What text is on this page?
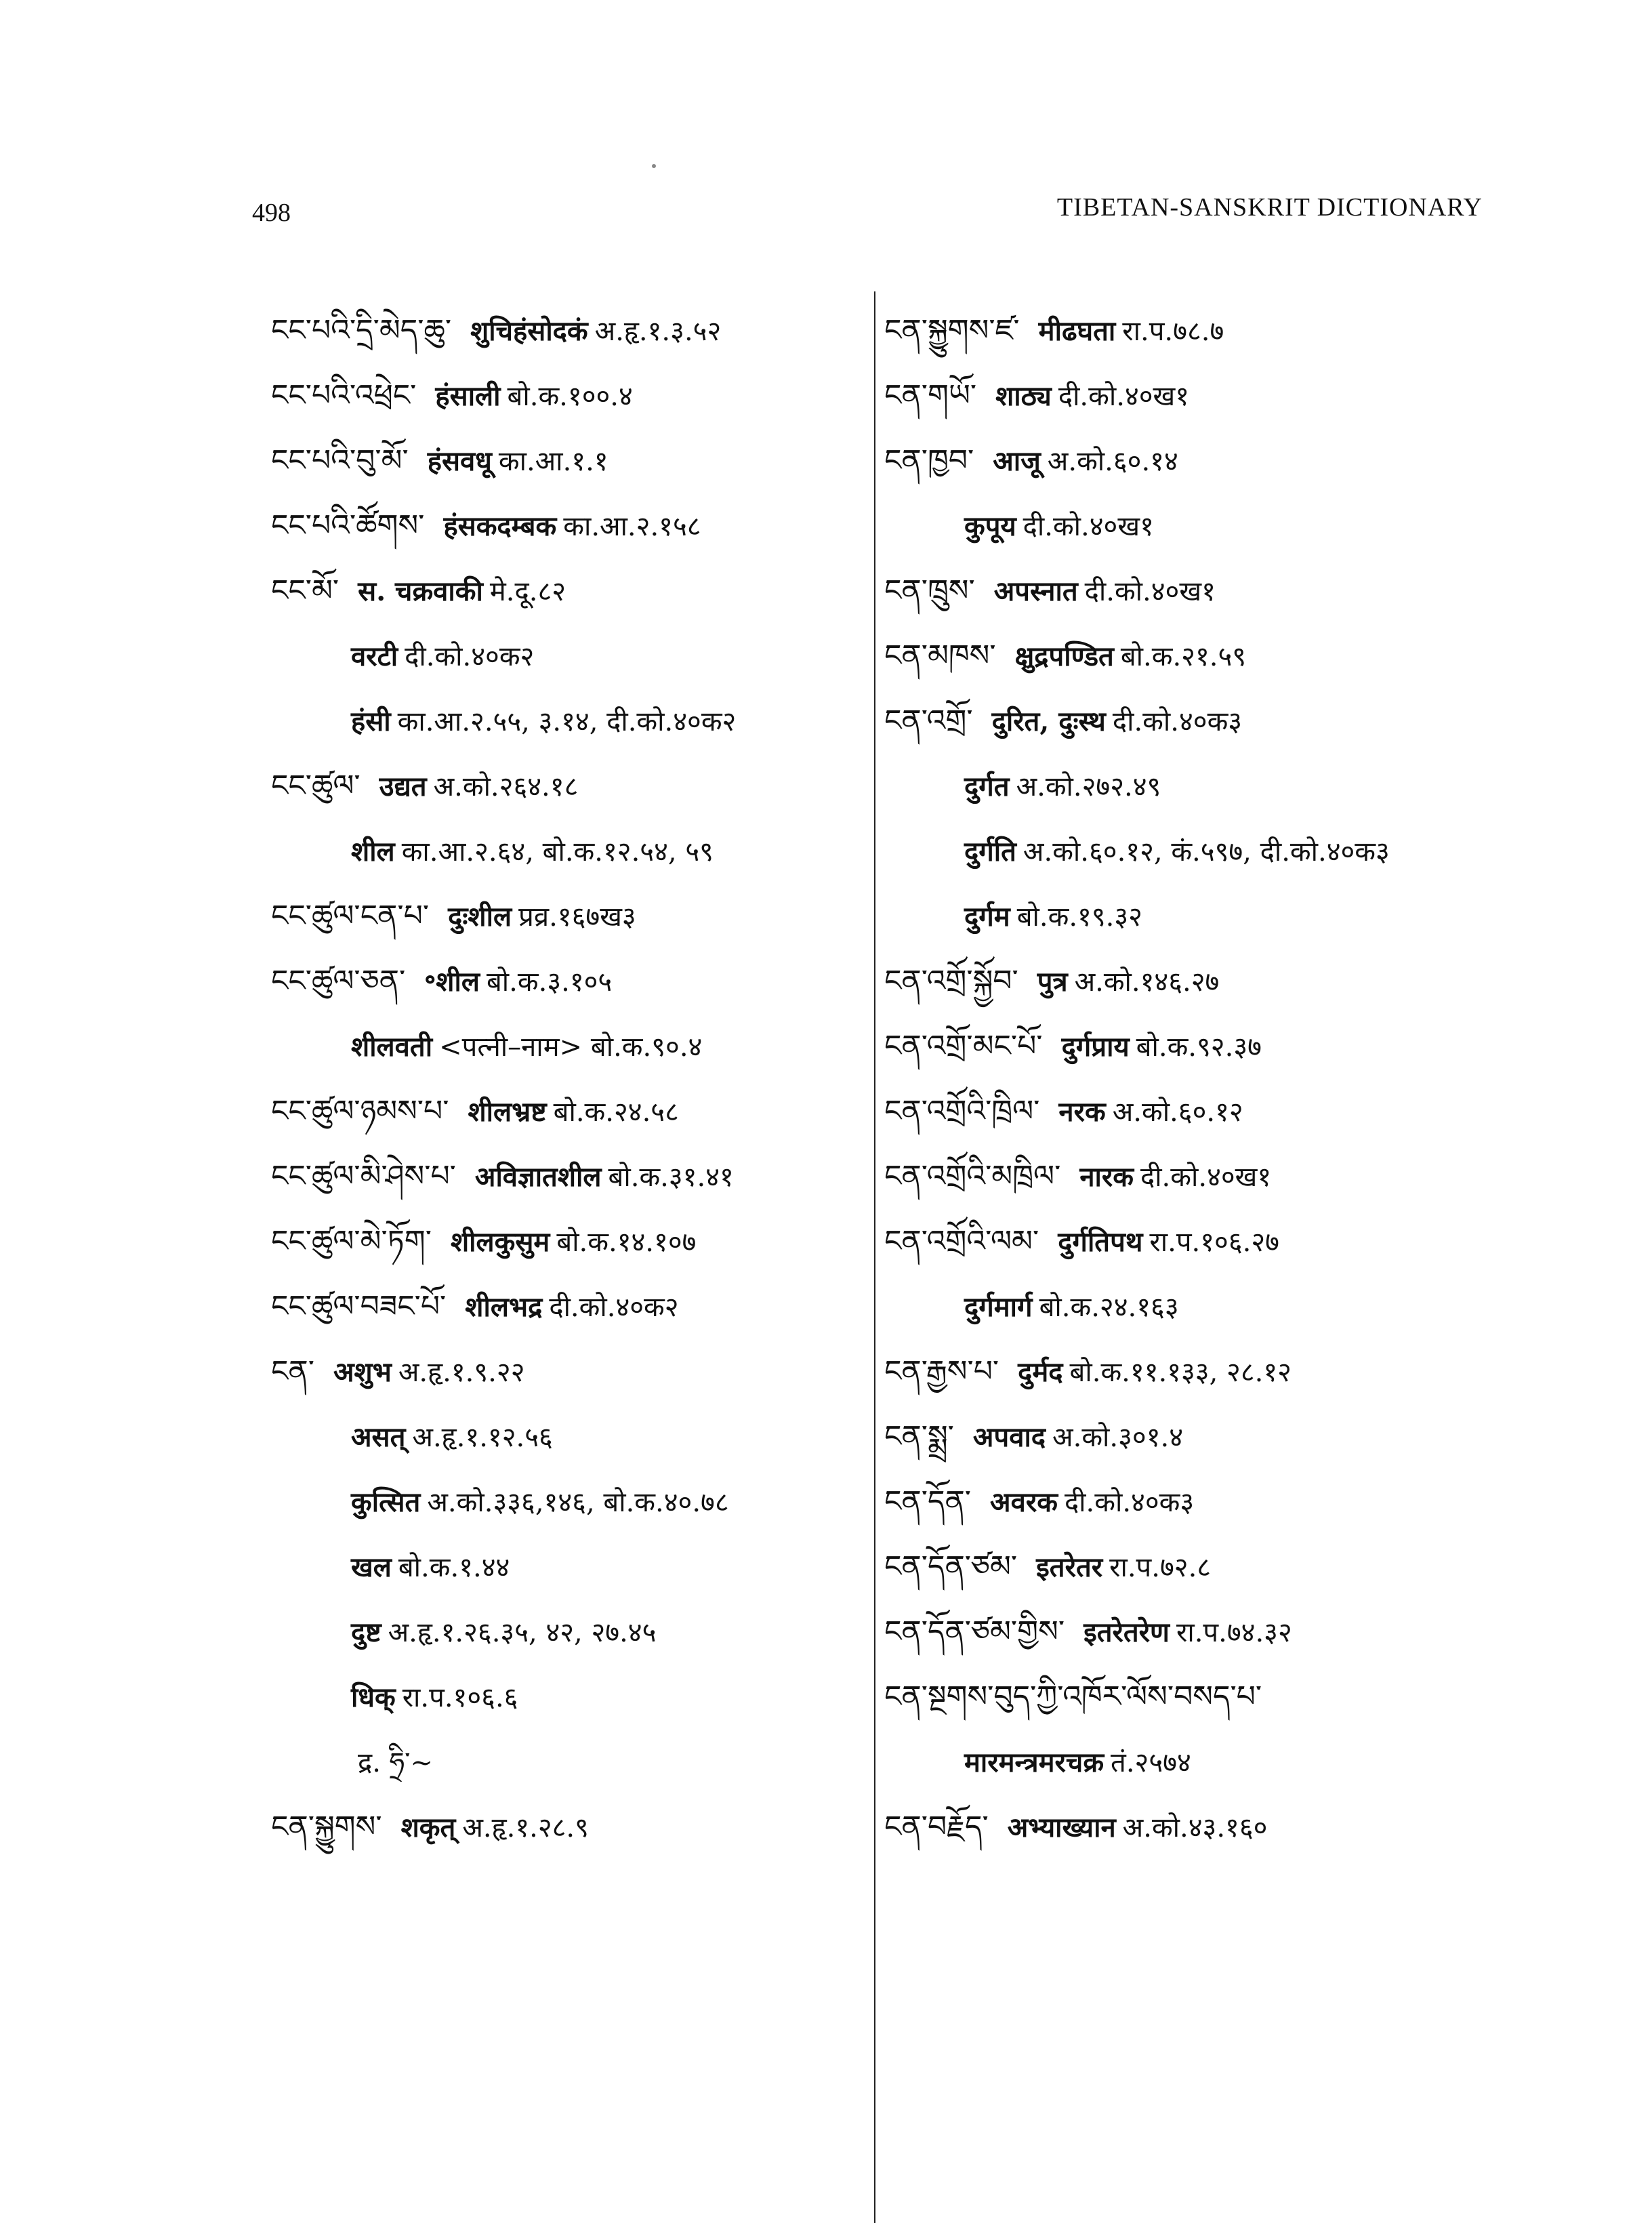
498	TIBETAN-SANSKRIT DICTIONARY
ངང་པའི་དྲི་མེད་ཆུ་ शुचिहंसोदकं अ.हृ.१.३.५२
ངང་པའི་འཕྲེང་ हंसाली बो.क.१००.४
ངང་པའི་བུ་མོ་ हंसवधू का.आ.१.१
ངང་པའི་ཚོགས་ हंसकदम्बक का.आ.२.१५८
ངང་མོ་ स. चक्रवाकी मे.दू.८२
वरटी दी.को.४०क२
हंसी का.आ.२.५५, ३.१४, दी.को.४०क२
ངང་ཚུལ་ उद्यत अ.को.२६४.१८
शील का.आ.२.६४, बो.क.१२.५४, ५९
ངང་ཚུལ་ངན་པ་ दुःशील प्रव्र.१६७ख३
ངང་ཚུལ་ཅན་ ॰शील बो.क.३.१०५
शीलवती <पत्नी–नाम> बो.क.९०.४
ངང་ཚུལ་ཉམས་པ་ शीलभ्रष्ट बो.क.२४.५८
ངང་ཚུལ་མི་ཤེས་པ་ अविज्ञातशील बो.क.३१.४१
ངང་ཚུལ་མེ་ཏོག་ शीलकुसुम बो.क.१४.१०७
ངང་ཚུལ་བཟང་པོ་ शीलभद्र दी.को.४०क२
ངན་ अशुभ अ.हृ.१.९.२२
असत् अ.हृ.१.१२.५६
कुत्सित अ.को.३३६,१४६, बो.क.४०.७८
खल बो.क.१.४४
दुष्ट अ.हृ.१.२६.३५, ४२, २७.४५
धिक् रा.प.१०६.६
द्र. ཧྲི་~
ངན་སྐྱུགས་ शकृत् अ.हृ.१.२८.९
ངན་སྐྱུགས་ཛ་ मीढघता रा.प.७८.७
ངན་གཡོ་ शाठ्य दी.को.४०ख१
ངན་ཁྱབ་ आजू अ.को.६०.१४
कुपूय दी.को.४०ख१
ངན་ཁྲུས་ अपस्नात दी.को.४०ख१
ངན་མཁས་ क्षुद्रपण्डित बो.क.२१.५९
ངན་འགྲོ་ दुरित, दुःस्थ दी.को.४०क३
दुर्गत अ.को.२७२.४९
दुर्गति अ.को.६०.१२, कं.५९७, दी.को.४०क३
दुर्गम बो.क.१९.३२
ངན་འགྲོ་སྐྱོབ་ पुत्र अ.को.१४६.२७
ངན་འགྲོ་མང་པོ་ दुर्गप्राय बो.क.९२.३७
ངན་འགྲོའི་ཁྲིལ་ नरक अ.को.६०.१२
ངན་འགྲོའི་མཁྲིལ་ नारक दी.को.४०ख१
ངན་འགྲོའི་ལམ་ दुर्गतिपथ रा.प.१०६.२७
दुर्गमार्ग बो.क.२४.१६३
ངན་རྒྱས་པ་ दुर्मद बो.क.११.१३३, २८.१२
ངན་སྨྲ་ अपवाद अ.को.३०१.४
ངན་དོན་ अवरक दी.को.४०क३
ངན་དོན་ཙམ་ इतरेतर रा.प.७२.८
ངན་དོན་ཙམ་གྱིས་ इतरेतरेण रा.प.७४.३२
ངན་སྔགས་བུད་ཀྱི་འཁོར་ལོས་བསད་པ་
मारमन्त्रमरचक्र तं.२५७४
ངན་བརྗོད་ अभ्याख्यान अ.को.४३.१६०
